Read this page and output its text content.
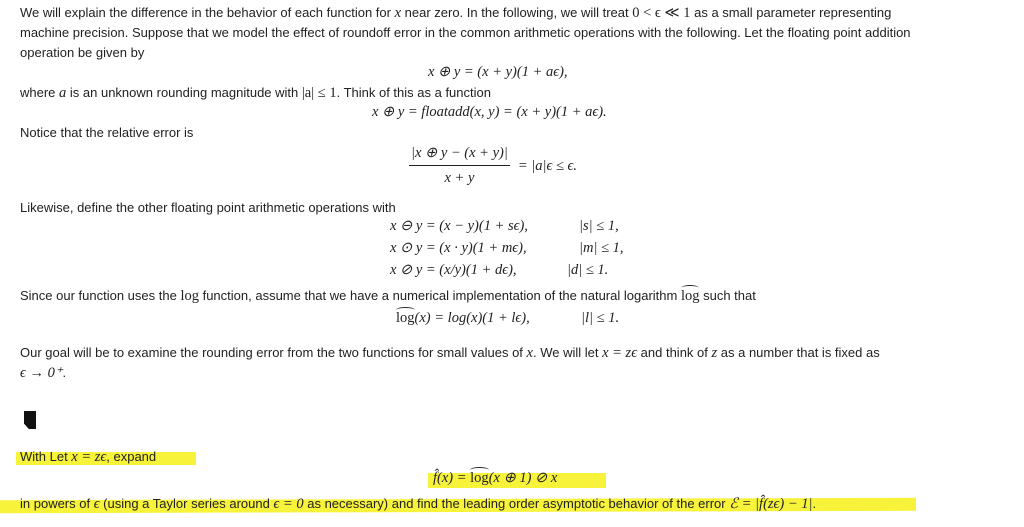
We will explain the difference in the behavior of each function for x near zero. In the following, we will treat 0 < ϵ ≪ 1 as a small parameter representing
machine precision. Suppose that we model the effect of roundoff error in the common arithmetic operations with the following. Let the floating point addition
operation be given by
x ⊕ y = (x + y)(1 + aϵ),
where a is an unknown rounding magnitude with |a| ≤ 1. Think of this as a function
x ⊕ y = floatadd(x, y) = (x + y)(1 + aϵ).
Notice that the relative error is
$\frac{|x \oplus y - (x + y)|}{x + y} = |a|\epsilon \le \epsilon$.
Likewise, define the other floating point arithmetic operations with
x ⊖ y = (x − y)(1 + sϵ),	|s| ≤ 1,
x ⊙ y = (x · y)(1 + mϵ),	|m| ≤ 1,
x ⊘ y = (x/y)(1 + dϵ),	|d| ≤ 1.
Since our function uses the log function, assume that we have a numerical implementation of the natural logarithm log such that
log(x) = log(x)(1 + lϵ),	|l| ≤ 1.
Our goal will be to examine the rounding error from the two functions for small values of x. We will let x = zϵ and think of z as a number that is fixed as
ϵ → 0⁺.
With Let x = zϵ, expand
f̂(x) = log(x ⊕ 1) ⊘ x
in powers of ϵ (using a Taylor series around ϵ = 0 as necessary) and find the leading order asymptotic behavior of the error ℰ = |f̂(zϵ) − 1|.
